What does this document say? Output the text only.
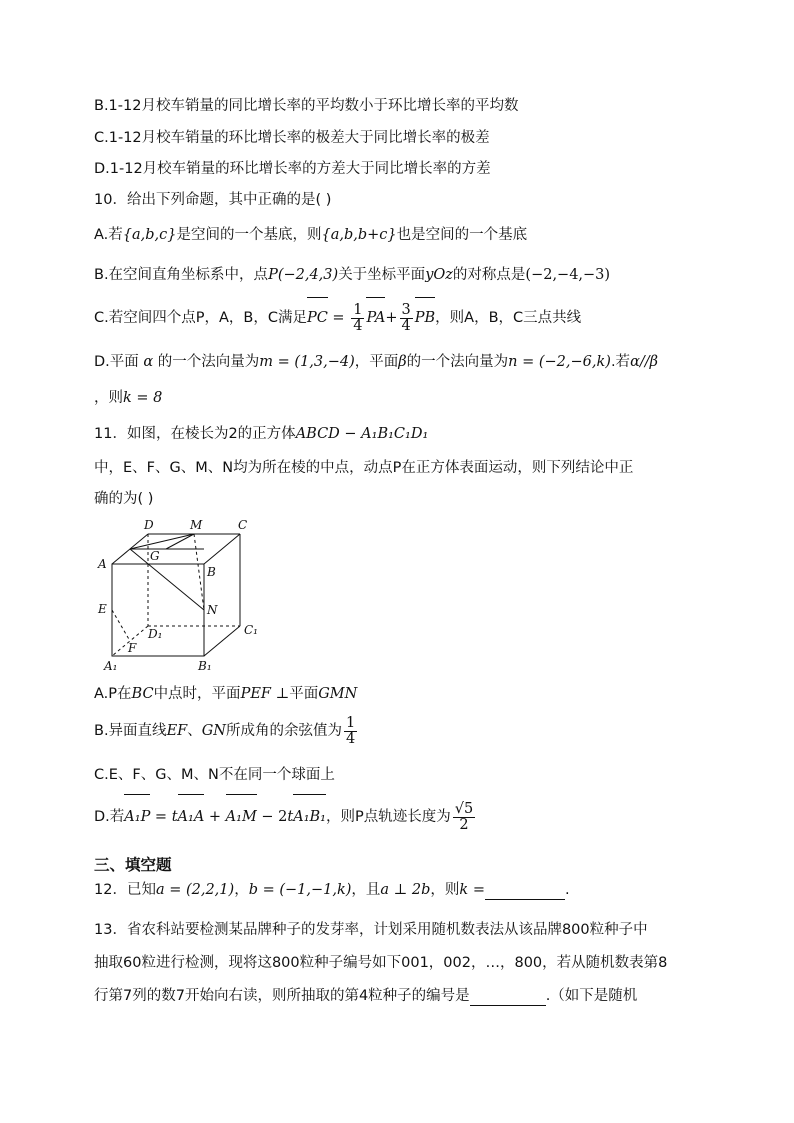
B.1-12月校车销量的同比增长率的平均数小于环比增长率的平均数
C.1-12月校车销量的环比增长率的极差大于同比增长率的极差
D.1-12月校车销量的环比增长率的方差大于同比增长率的方差
10．给出下列命题，其中正确的是( )
A.若{a,b,c}是空间的一个基底，则{a,b,b+c}也是空间的一个基底
B.在空间直角坐标系中，点P(−2,4,3)关于坐标平面yOz的对称点是(−2,−4,−3)
C.若空间四个点P，A，B，C满足PC = $\frac{1}{4} PA+ \frac{3}{4}$ PB，则A，B，C三点共线
D.平面 α 的一个法向量为m = (1,3,−4)，平面β的一个法向量为n = (−2,−6,k).若α//β
，则k = 8
11．如图，在棱长为2的正方体ABCD − A₁B₁C₁D₁
中，E、F、G、M、N均为所在棱的中点，动点P在正方体表面运动，则下列结论中正
确的为( )
D	M	C
G
A
B
E	N
D₁	C₁
F
A₁	B₁
A.P在BC中点时，平面PEF ⊥平面GMN
B.异面直线EF、GN所成角的余弦值为 $\frac{1}{4}$
C.E、F、G、M、N不在同一个球面上
D.若A₁P = tA₁A + A₁M − 2tA₁B₁，则P点轨迹长度为 $\frac{√5}{2}$
三、填空题
12．已知a = (2,2,1)，b = (−1,−1,k)，且a ⊥ 2b，则k =	.
13．省农科站要检测某品牌种子的发芽率，计划采用随机数表法从该品牌800粒种子中
抽取60粒进行检测，现将这800粒种子编号如下001，002，…，800，若从随机数表第8
行第7列的数7开始向右读，则所抽取的第4粒种子的编号是	.（如下是随机
